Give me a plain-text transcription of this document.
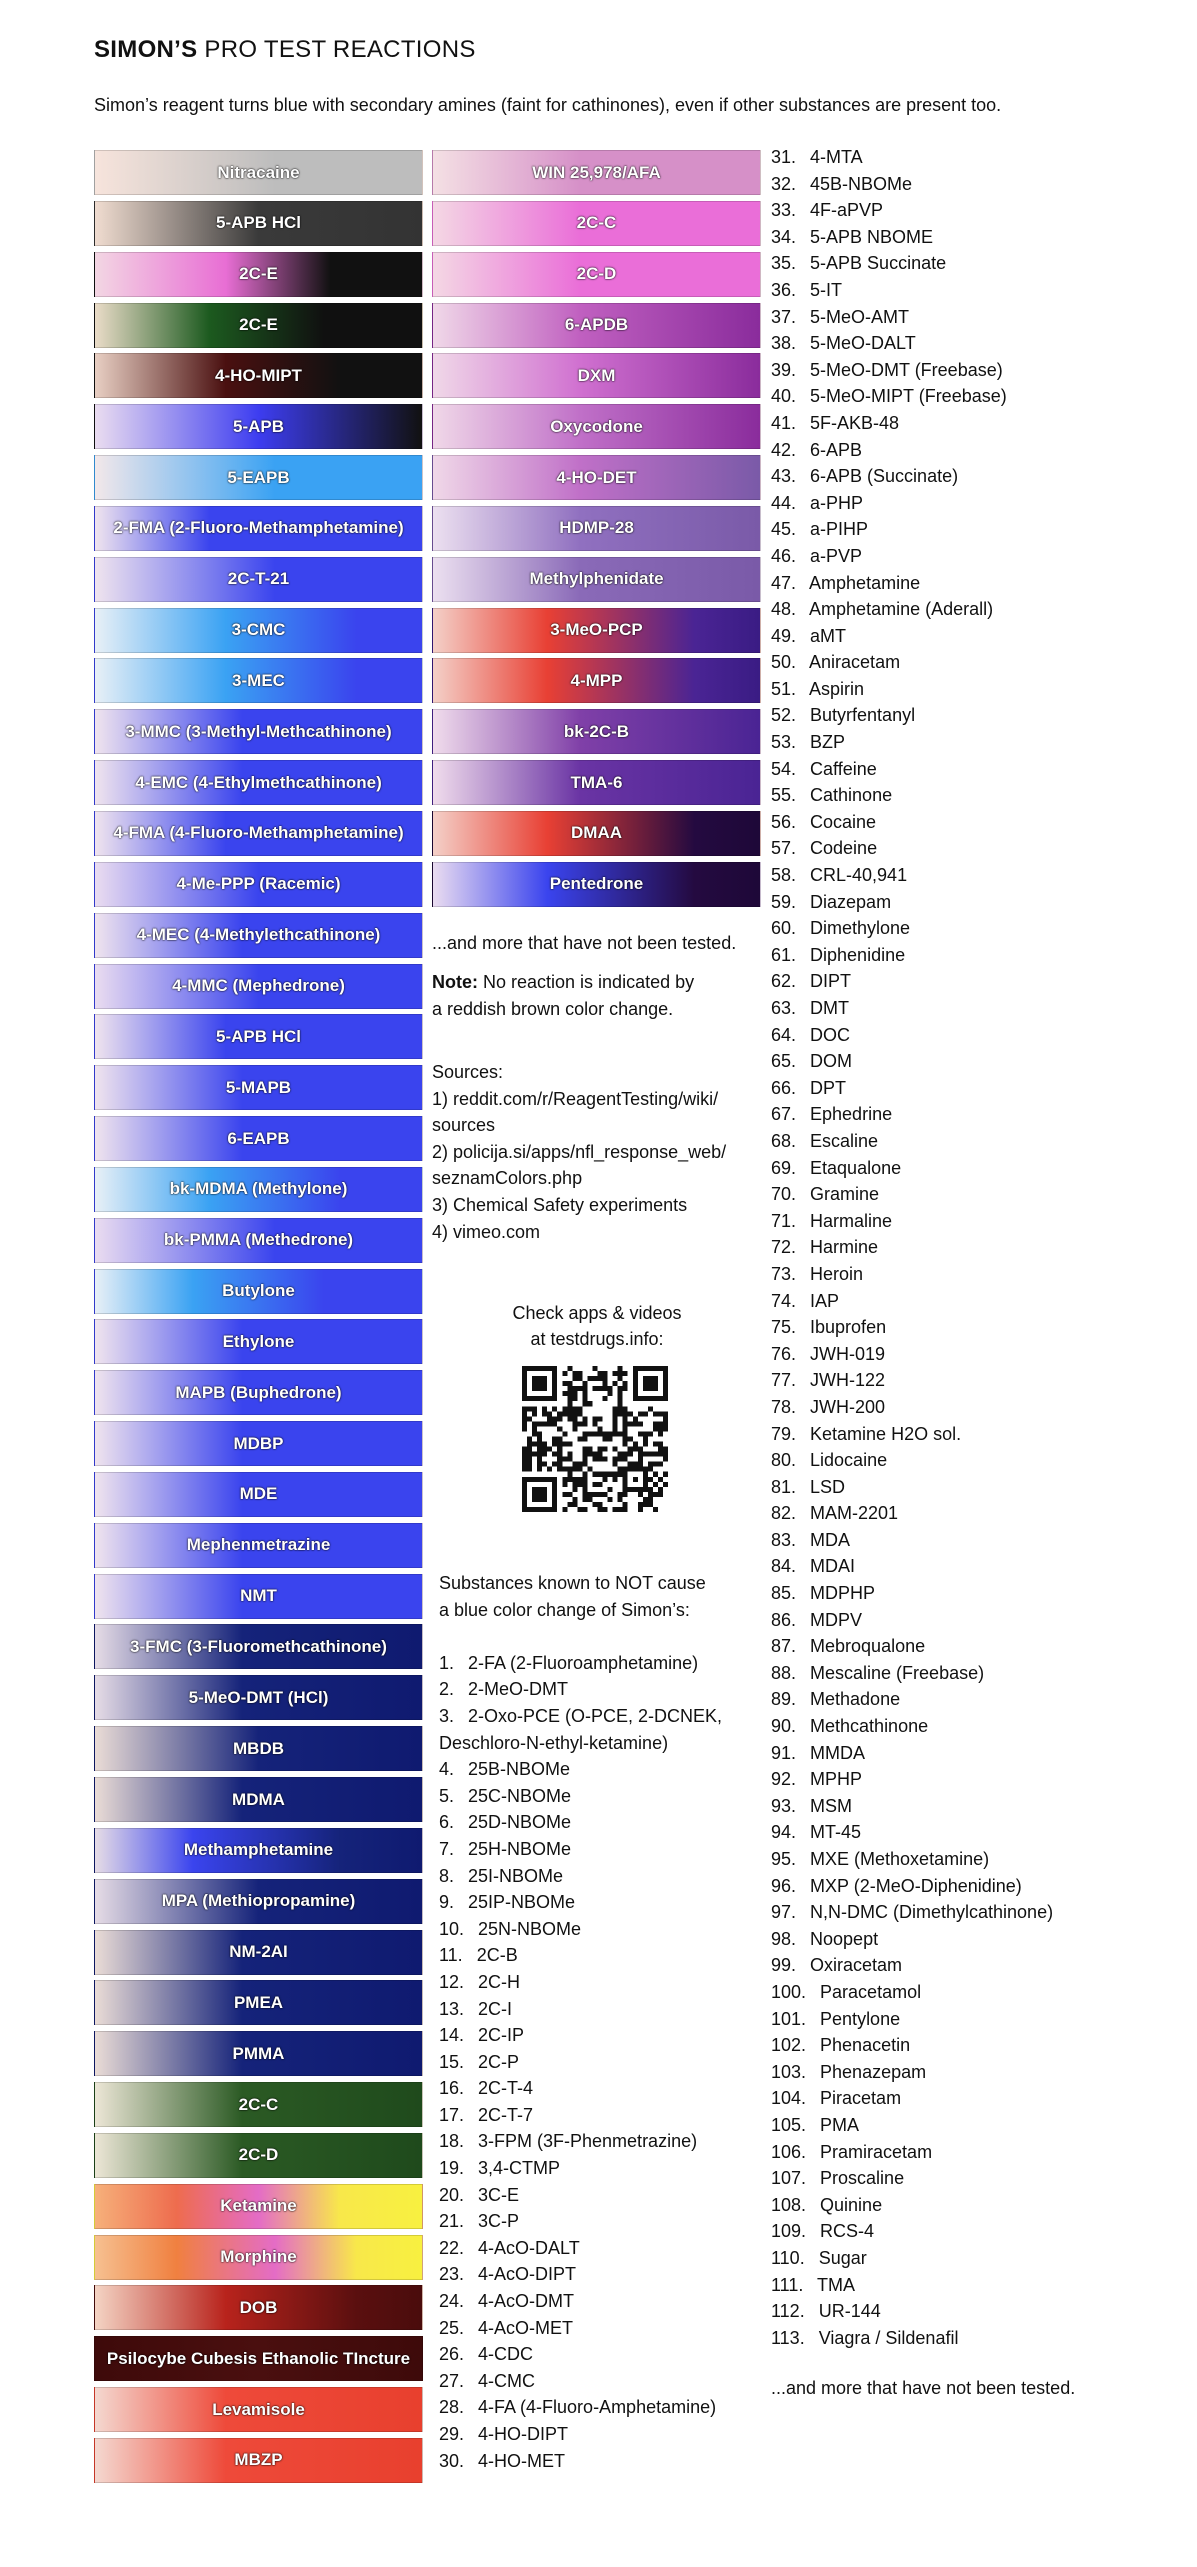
SIMON’S PRO TEST REACTIONS
Simon’s reagent turns blue with secondary amines (faint for cathinones), even if other substances are present too.
Nitracaine
5-APB HCl
2C-E
2C-E
4-HO-MIPT
5-APB
5-EAPB
2-FMA (2-Fluoro-Methamphetamine)
2C-T-21
3-CMC
3-MEC
3-MMC (3-Methyl-Methcathinone)
4-EMC (4-Ethylmethcathinone)
4-FMA (4-Fluoro-Methamphetamine)
4-Me-PPP (Racemic)
4-MEC (4-Methylethcathinone)
4-MMC (Mephedrone)
5-APB HCl
5-MAPB
6-EAPB
bk-MDMA (Methylone)
bk-PMMA (Methedrone)
Butylone
Ethylone
MAPB (Buphedrone)
MDBP
MDE
Mephenmetrazine
NMT
3-FMC (3-Fluoromethcathinone)
5-MeO-DMT (HCl)
MBDB
MDMA
Methamphetamine
MPA (Methiopropamine)
NM-2AI
PMEA
PMMA
2C-C
2C-D
Ketamine
Morphine
DOB
Psilocybe Cubesis Ethanolic TIncture
Levamisole
MBZP
WIN 25,978/AFA
2C-C
2C-D
6-APDB
DXM
Oxycodone
4-HO-DET
HDMP-28
Methylphenidate
3-MeO-PCP
4-MPP
bk-2C-B
TMA-6
DMAA
Pentedrone
...and more that have not been tested.
Note: No reaction is indicated by
a reddish brown color change.
Sources:
1) reddit.com/r/ReagentTesting/wiki/
sources
2) policija.si/apps/nfl_response_web/
seznamColors.php
3) Chemical Safety experiments
4) vimeo.com
Check apps & videos
at testdrugs.info:
Substances known to NOT cause
a blue color change of Simon’s:
1.  2-FA (2-Fluoroamphetamine)
2.  2-MeO-DMT
3.  2-Oxo-PCE (O-PCE, 2-DCNEK,
Deschloro-N-ethyl-ketamine)
4.  25B-NBOMe
5.  25C-NBOMe
6.  25D-NBOMe
7.  25H-NBOMe
8.  25I-NBOMe
9.  25IP-NBOMe
10.  25N-NBOMe
11.  2C-B
12.  2C-H
13.  2C-I
14.  2C-IP
15.  2C-P
16.  2C-T-4
17.  2C-T-7
18.  3-FPM (3F-Phenmetrazine)
19.  3,4-CTMP
20.  3C-E
21.  3C-P
22.  4-AcO-DALT
23.  4-AcO-DIPT
24.  4-AcO-DMT
25.  4-AcO-MET
26.  4-CDC
27.  4-CMC
28.  4-FA (4-Fluoro-Amphetamine)
29.  4-HO-DIPT
30.  4-HO-MET
31.  4-MTA
32.  45B-NBOMe
33.  4F-aPVP
34.  5-APB NBOME
35.  5-APB Succinate
36.  5-IT
37.  5-MeO-AMT
38.  5-MeO-DALT
39.  5-MeO-DMT (Freebase)
40.  5-MeO-MIPT (Freebase)
41.  5F-AKB-48
42.  6-APB
43.  6-APB (Succinate)
44.  a-PHP
45.  a-PIHP
46.  a-PVP
47.  Amphetamine
48.  Amphetamine (Aderall)
49.  aMT
50.  Aniracetam
51.  Aspirin
52.  Butyrfentanyl
53.  BZP
54.  Caffeine
55.  Cathinone
56.  Cocaine
57.  Codeine
58.  CRL-40,941
59.  Diazepam
60.  Dimethylone
61.  Diphenidine
62.  DIPT
63.  DMT
64.  DOC
65.  DOM
66.  DPT
67.  Ephedrine
68.  Escaline
69.  Etaqualone
70.  Gramine
71.  Harmaline
72.  Harmine
73.  Heroin
74.  IAP
75.  Ibuprofen
76.  JWH-019
77.  JWH-122
78.  JWH-200
79.  Ketamine H2O sol.
80.  Lidocaine
81.  LSD
82.  MAM-2201
83.  MDA
84.  MDAI
85.  MDPHP
86.  MDPV
87.  Mebroqualone
88.  Mescaline (Freebase)
89.  Methadone
90.  Methcathinone
91.  MMDA
92.  MPHP
93.  MSM
94.  MT-45
95.  MXE (Methoxetamine)
96.  MXP (2-MeO-Diphenidine)
97.  N,N-DMC (Dimethylcathinone)
98.  Noopept
99.  Oxiracetam
100.  Paracetamol
101.  Pentylone
102.  Phenacetin
103.  Phenazepam
104.  Piracetam
105.  PMA
106.  Pramiracetam
107.  Proscaline
108.  Quinine
109.  RCS-4
110.  Sugar
111.  TMA
112.  UR-144
113.  Viagra / Sildenafil
...and more that have not been tested.
